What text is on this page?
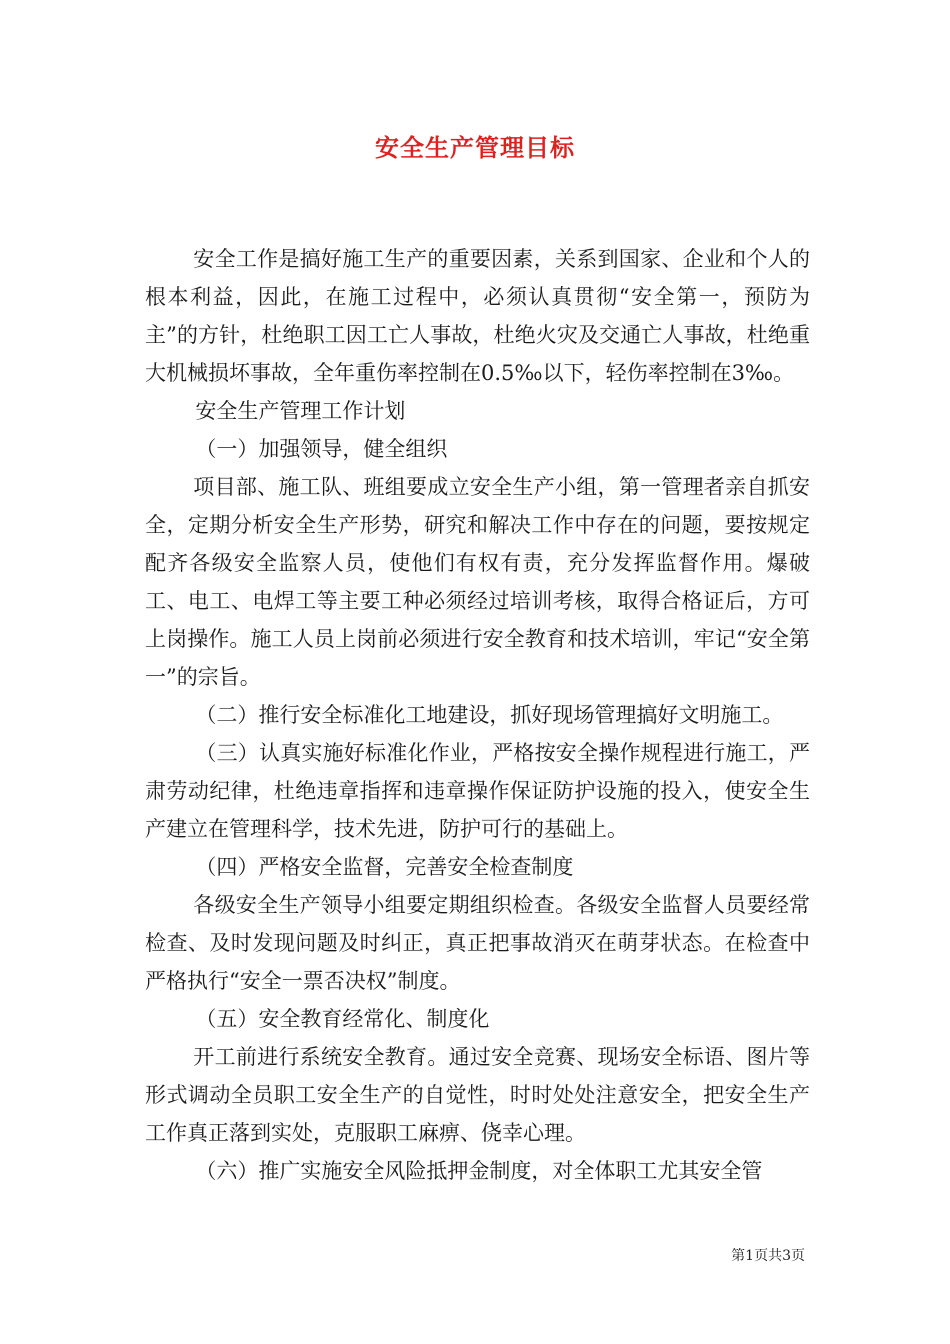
安全生产管理目标

安全工作是搞好施工生产的重要因素，关系到国家、企业和个人的根本利益，因此，在施工过程中，必须认真贯彻“安全第一，预防为主”的方针，杜绝职工因工亡人事故，杜绝火灾及交通亡人事故，杜绝重大机械损坏事故，全年重伤率控制在0.5‰以下，轻伤率控制在3‰。

安全生产管理工作计划

（一）加强领导，健全组织

项目部、施工队、班组要成立安全生产小组，第一管理者亲自抓安全，定期分析安全生产形势，研究和解决工作中存在的问题，要按规定配齐各级安全监察人员，使他们有权有责，充分发挥监督作用。爆破工、电工、电焊工等主要工种必须经过培训考核，取得合格证后，方可上岗操作。施工人员上岗前必须进行安全教育和技术培训，牢记“安全第一”的宗旨。

（二）推行安全标准化工地建设，抓好现场管理搞好文明施工。

（三）认真实施好标准化作业，严格按安全操作规程进行施工，严肃劳动纪律，杜绝违章指挥和违章操作保证防护设施的投入，使安全生产建立在管理科学，技术先进，防护可行的基础上。

（四）严格安全监督，完善安全检查制度

各级安全生产领导小组要定期组织检查。各级安全监督人员要经常检查、及时发现问题及时纠正，真正把事故消灭在萌芽状态。在检查中严格执行“安全一票否决权”制度。

（五）安全教育经常化、制度化

开工前进行系统安全教育。通过安全竞赛、现场安全标语、图片等形式调动全员职工安全生产的自觉性，时时处处注意安全，把安全生产工作真正落到实处，克服职工麻痹、侥幸心理。

（六）推广实施安全风险抵押金制度，对全体职工尤其安全管

第1页共3页
